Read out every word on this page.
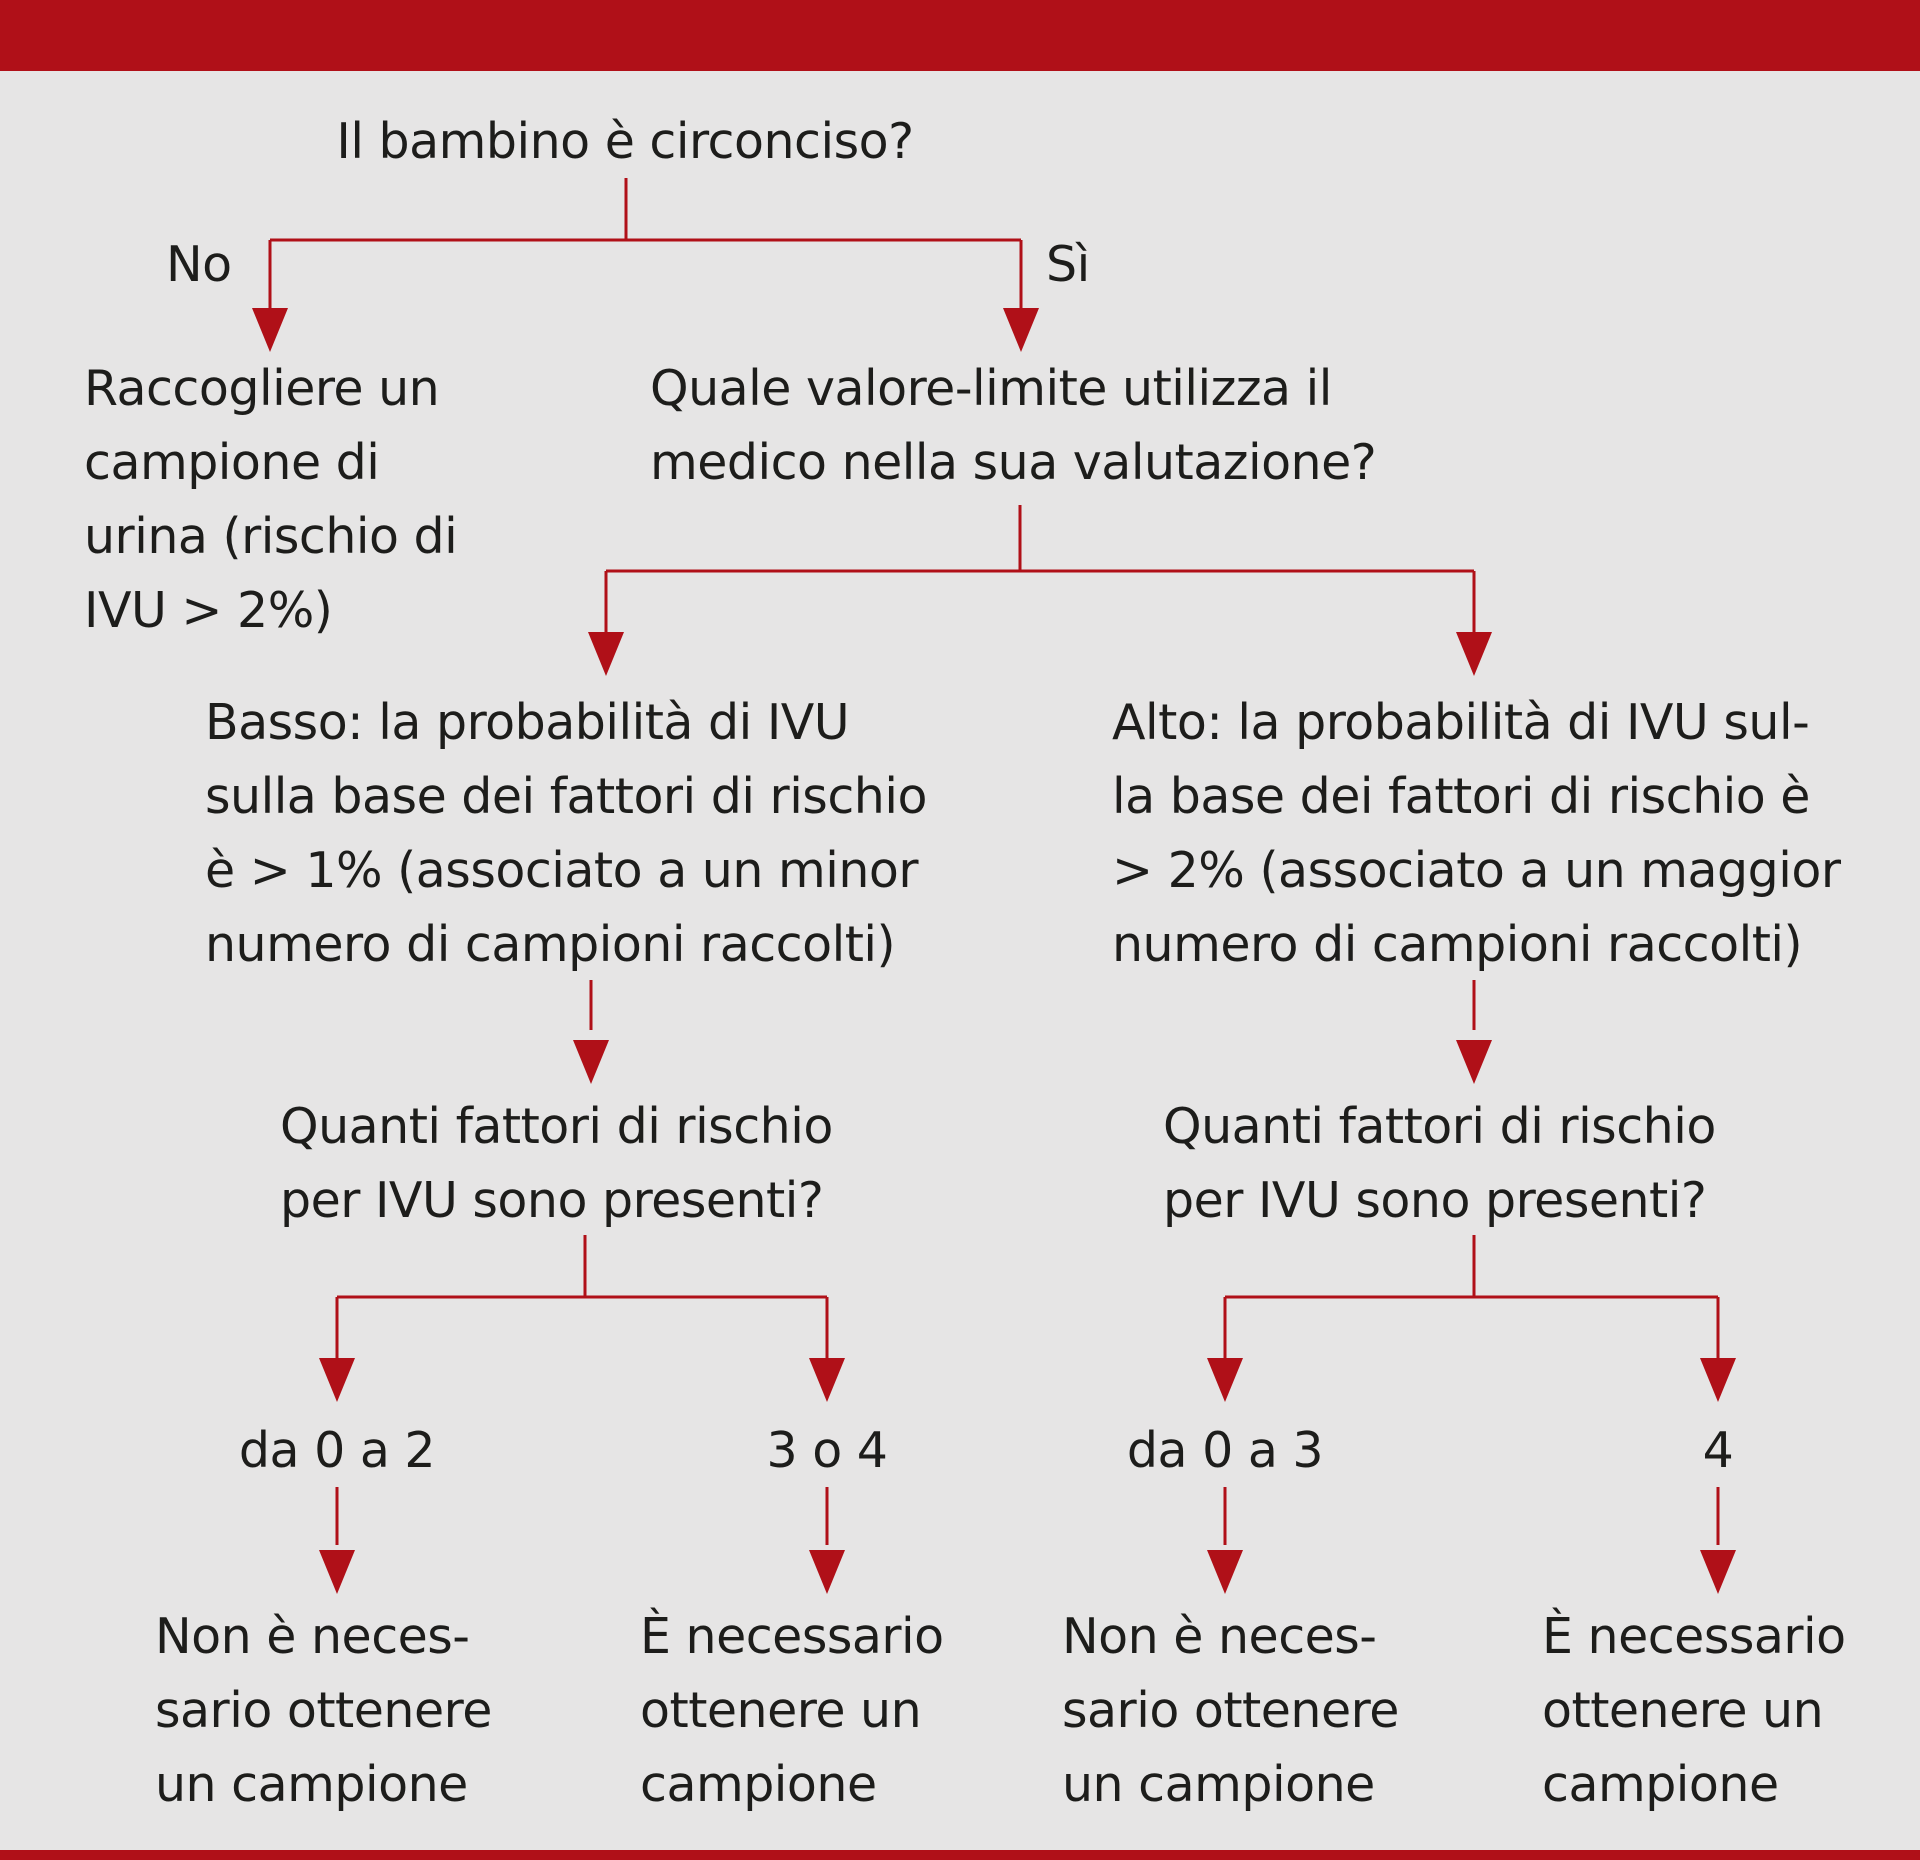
Il bambino è circonciso?
No	Sì
Raccogliere un
campione di
urina (rischio di
IVU > 2%)
Quale valore-limite utilizza il
medico nella sua valutazione?
Basso: la probabilità di IVU
sulla base dei fattori di rischio
è > 1% (associato a un minor
numero di campioni raccolti)
Alto: la probabilità di IVU sul-
la base dei fattori di rischio è
> 2% (associato a un maggior
numero di campioni raccolti)
Quanti fattori di rischio
per IVU sono presenti?
Quanti fattori di rischio
per IVU sono presenti?
da 0 a 2	3 o 4	da 0 a 3	4
Non è neces-
sario ottenere
un campione
È necessario
ottenere un
campione
Non è neces-
sario ottenere
un campione
È necessario
ottenere un
campione
